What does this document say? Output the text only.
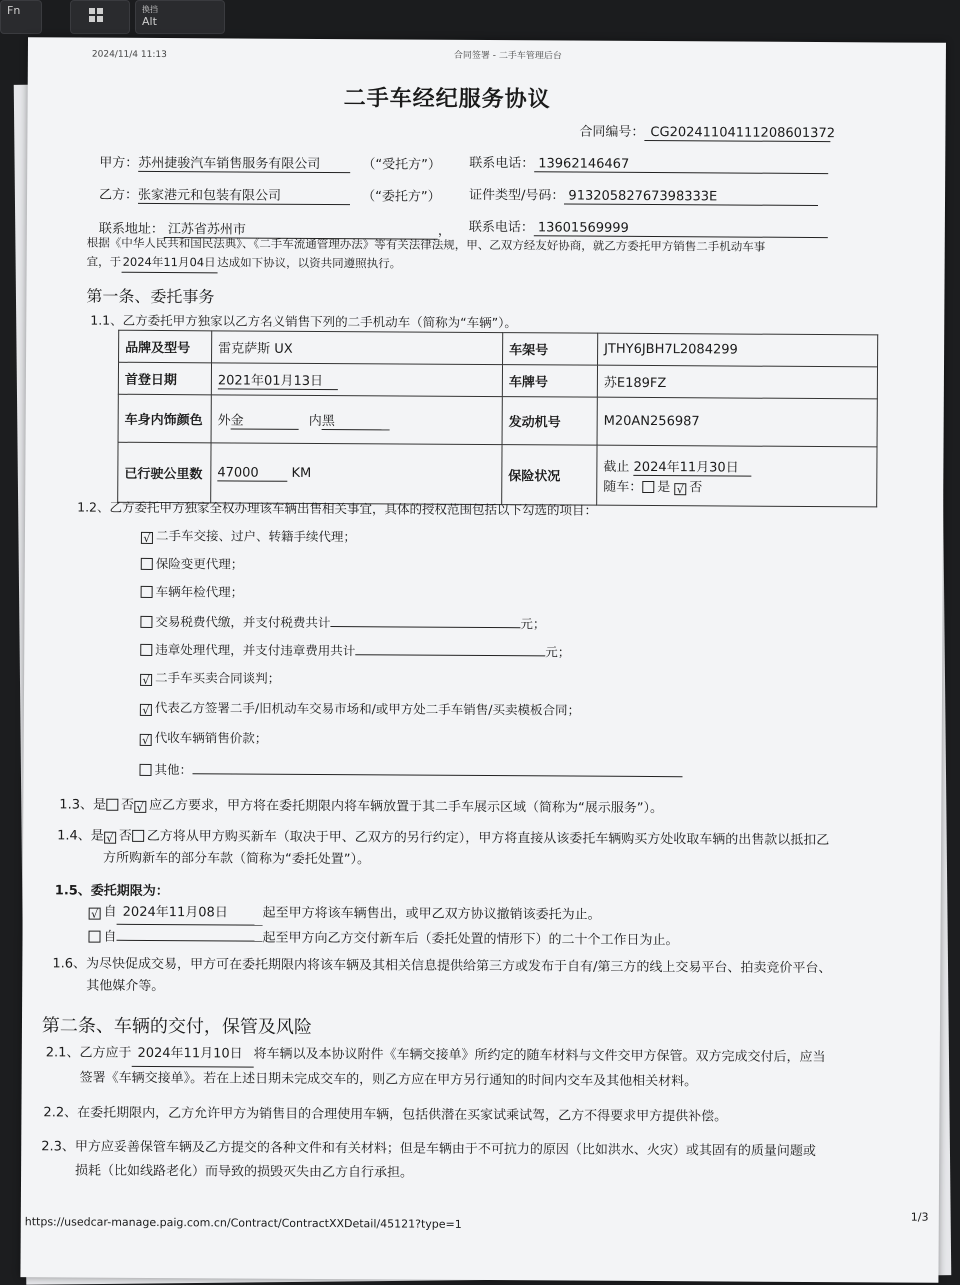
Fn	换挡
Alt
2024/11/4 11:13	合同签署 - 二手车管理后台
二手车经纪服务协议
合同编号： CG20241104111208601372
甲方：苏州捷骏汽车销售服务有限公司	（“受托方”） 联系电话： 13962146467
乙方：张家港元和包装有限公司	（“委托方”） 证件类型/号码： 91320582767398333E
联系地址： 江苏省苏州市	， 联系电话： 13601569999
根据《中华人民共和国民法典》、《二手车流通管理办法》等有关法律法规，甲、乙双方经友好协商，就乙方委托甲方销售二手机动车事
宜，于2024年11月04日达成如下协议，以资共同遵照执行。
第一条、委托事务
1.1、乙方委托甲方独家以乙方名义销售下列的二手机动车（简称为“车辆”）。
品牌及型号	雷克萨斯 UX	车架号	JTHY6JBH7L2084299
首登日期	2021年01月13日	车牌号	苏E189FZ
车身内饰颜色	外金 内黑	发动机号	M20AN256987
已行驶公里数	47000 KM	保险状况	截止 2024年11月30日
随车： 是 √ 否
1.2、乙方委托甲方独家全权办理该车辆出售相关事宜，具体的授权范围包括以下勾选的项目：
√ 二手车交接、过户、转籍手续代理；
保险变更代理；
车辆年检代理；
交易税费代缴，并支付税费共计	元；
违章处理代理，并支付违章费用共计	元；
√ 二手车买卖合同谈判；
√ 代表乙方签署二手/旧机动车交易市场和/或甲方处二手车销售/买卖模板合同；
√ 代收车辆销售价款；
其他：
1.3、是 否 √ 应乙方要求，甲方将在委托期限内将车辆放置于其二手车展示区域（简称为“展示服务”）。
1.4、是 √ 否 乙方将从甲方购买新车（取决于甲、乙双方的另行约定），甲方将直接从该委托车辆购买方处收取车辆的出售款以抵扣乙
方所购新车的部分车款（简称为“委托处置”）。
1.5、委托期限为：
√ 自 2024年11月08日	起至甲方将该车辆售出，或甲乙双方协议撤销该委托为止。
自	起至甲方向乙方交付新车后（委托处置的情形下）的二十个工作日为止。
1.6、为尽快促成交易，甲方可在委托期限内将该车辆及其相关信息提供给第三方或发布于自有/第三方的线上交易平台、拍卖竞价平台、
其他媒介等。
第二条、车辆的交付，保管及风险
2.1、乙方应于 2024年11月10日 将车辆以及本协议附件《车辆交接单》所约定的随车材料与文件交甲方保管。双方完成交付后，应当
签署《车辆交接单》。若在上述日期未完成交车的，则乙方应在甲方另行通知的时间内交车及其他相关材料。
2.2、在委托期限内，乙方允许甲方为销售目的合理使用车辆，包括供潜在买家试乘试驾，乙方不得要求甲方提供补偿。
2.3、甲方应妥善保管车辆及乙方提交的各种文件和有关材料；但是车辆由于不可抗力的原因（比如洪水、火灾）或其固有的质量问题或
损耗（比如线路老化）而导致的损毁灭失由乙方自行承担。
https://usedcar-manage.paig.com.cn/Contract/ContractXXDetail/45121?type=1	1/3
